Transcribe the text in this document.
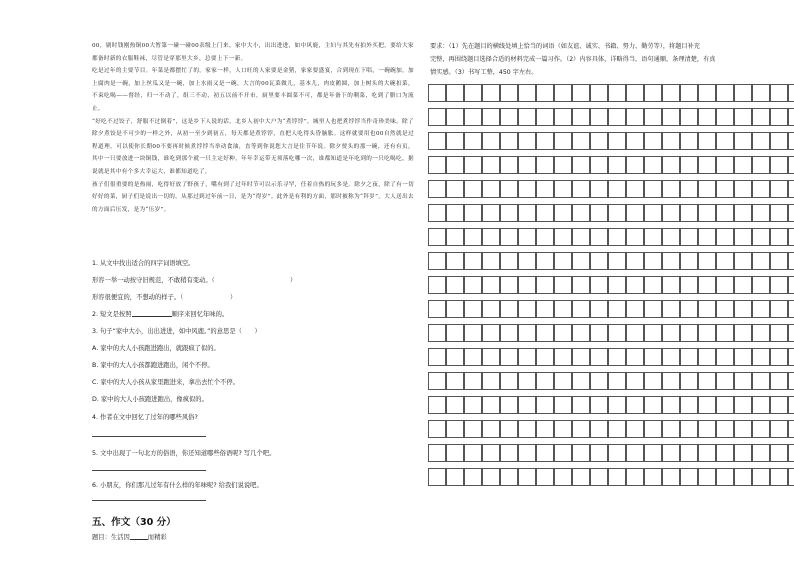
00，剧时钱刚热铜00大暂第一碰一碰00表级上门来，家中大小，出出进进，如中风鹿，主妇与其先有拍外买把，要给大家都备时新的衣服鞋袜，尽管是穿那里大乡，总要上下一新。

吃是过年的主要节目。年菜是都摆忙了的。家家一样，人口旺的人家要是金猪，家家要盛宴，合到现在下唱，一碗碗加，加上腐肉是一碗，加上丝瓜又是一碗，加上水雨又是一碗，大言的00瓦菜做儿，基本儿，肉皮鹅圆，加上树头的大碗扣菜，不束吃喝——督经，归一不动了，组三不动，初五以前不开市，厨里要丰圆菜不可，都是年备下的剩菜，吃到了腊口为流止。

“好吃不过饺子，舒服不过倒着”，这是乡下人说的话，北乡人初中大户为“煮饽饽”，城里人也把煮饽饽当作奇珍美味。除了除夕煮饺是不可少的一样之外，从初一至少到初五，每天都是煮饽饽，直把人吃得头昏脑胀。这样就要用也00自然就是过程道理。可以使你长期00不要再时候煮饽饽当举动食油，直等到你说您大言是住节年说。除夕贾头的那一碗，还有有页，其中一只要放进一块铜钱，谁吃到那个就一只主定好种。年年幸运带无须落吃哪一次，谁都知道是年吃到的一只吃喝吃，据说就是其中有个多大幸运大，谁都知道吃了。

孩子们很重要的是热闹，吃得好放了野孩子，嘴有到了过年时节可以示乐寻罕，任着自热的玩多是。除夕之夜，除了有一切好好的菜，厨子们是说出一切的。从那过到过年前一日，是为“得岁”。此外是有利的方面，那时被称为“拜岁”。大人送出去的方面后压发，是为“压岁”。

1. 从文中找出适合的四字词语填空。
形容一举一动按守旧规范，不敢稍有变动。（	）
形容很便宜的，不想动的样子。（	）
2. 短文是按照	顺序来回忆年味的。
3. 句子“家中大小，出出进进，如中风鹿。”的意思是（　　）
A. 家中的大人小孩跑进跑出，就跟疯了似的。
B. 家中的大人小孩都跑进跑出，闲个不停。
C. 家中的大人小孩从家里跑进来，拿出去忙个不停。
D. 家中的大人小孩跑进跑出，像疯似的。
4. 作者在文中回忆了过年的哪些风俗?
5. 文中出现了一句北方的俗语，你还知道哪些俗语呢? 写几个吧。
6. 小朋友，你们那儿过年有什么样的年味呢? 给我们说说吧。
五、作文（30 分）
题目：生活因	而精彩

要求：（1）先在题目的横线处填上恰当的词语（如友谊、诚实、书籍、努力、勤劳等），将题目补充

完整，再围绕题目选择合适的材料完成一篇习作。（2）内容具体，详略得当，语句通顺，条理清楚，有真

情实感。（3）书写工整，450 字左右。
